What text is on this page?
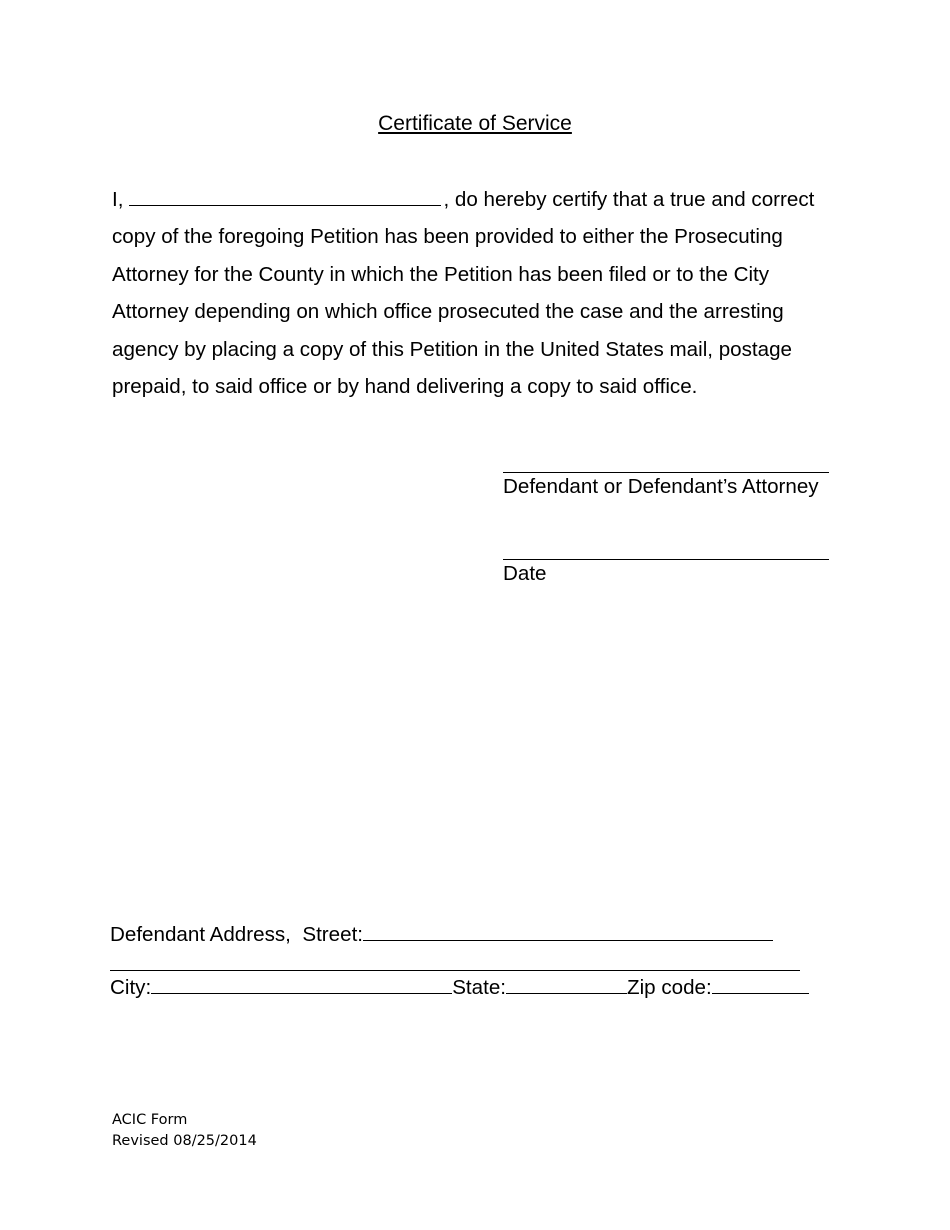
Certificate of Service

I,	, do hereby certify that a true and correct
copy of the foregoing Petition has been provided to either the Prosecuting
Attorney for the County in which the Petition has been filed or to the City
Attorney depending on which office prosecuted the case and the arresting
agency by placing a copy of this Petition in the United States mail, postage
prepaid, to said office or by hand delivering a copy to said office.

Defendant or Defendant’s Attorney
Date
Defendant Address, Street:
City:	State:	Zip code:
ACIC Form
Revised 08/25/2014
